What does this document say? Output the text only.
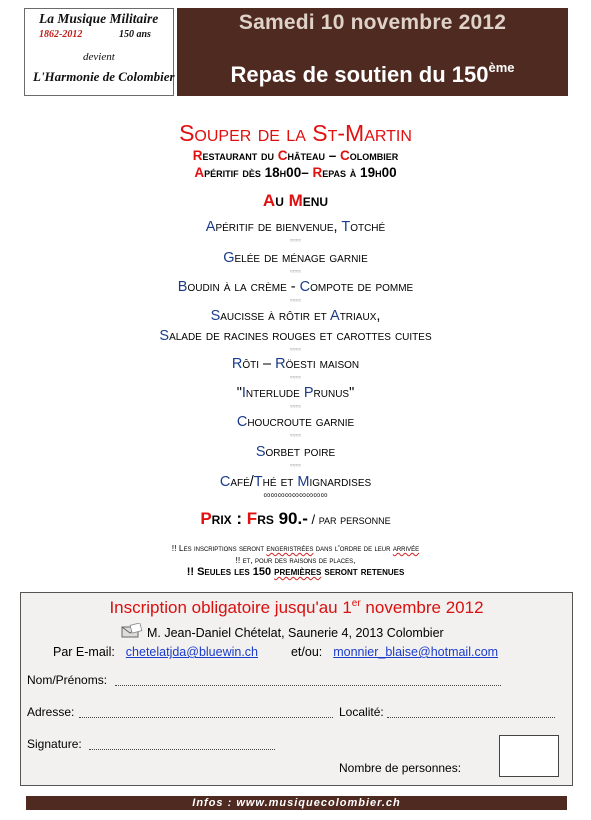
La Musique Militaire
1862-2012	150 ans
devient
L'Harmonie de Colombier
Samedi 10 novembre 2012
Repas de soutien du 150ème
Souper de la St-Martin
Restaurant du Château – Colombier
Apéritif dès 18h00– Repas à 19h00
Au Menu
Apéritif de bienvenue, Totché
≈≈≈≈
Gelée de ménage garnie
≈≈≈≈
Boudin à la crème - Compote de pomme
≈≈≈≈
Saucisse à rôtir et Atriaux,
Salade de racines rouges et carottes cuites
≈≈≈≈
Rôti – Röesti maison
≈≈≈≈
"Interlude Prunus"
≈≈≈≈
Choucroute garnie
≈≈≈≈
Sorbet poire
≈≈≈≈
Café/Thé et Mignardises
∞∞∞∞∞∞∞∞∞
Prix : Frs 90.- / par personne
!! Les inscriptions seront engeristrées dans l'ordre de leur arrivée
!! et, pour des raisons de places,
!! Seules les 150 premières seront retenues
Inscription obligatoire jusqu'au 1er novembre 2012
M. Jean-Daniel Chételat, Saunerie 4, 2013 Colombier
Par E-mail: chetelatjda@bluewin.ch	et/ou: monnier_blaise@hotmail.com
Nom/Prénoms:
Adresse:	Localité:
Signature:
Nombre de personnes:
Infos : www.musiquecolombier.ch
